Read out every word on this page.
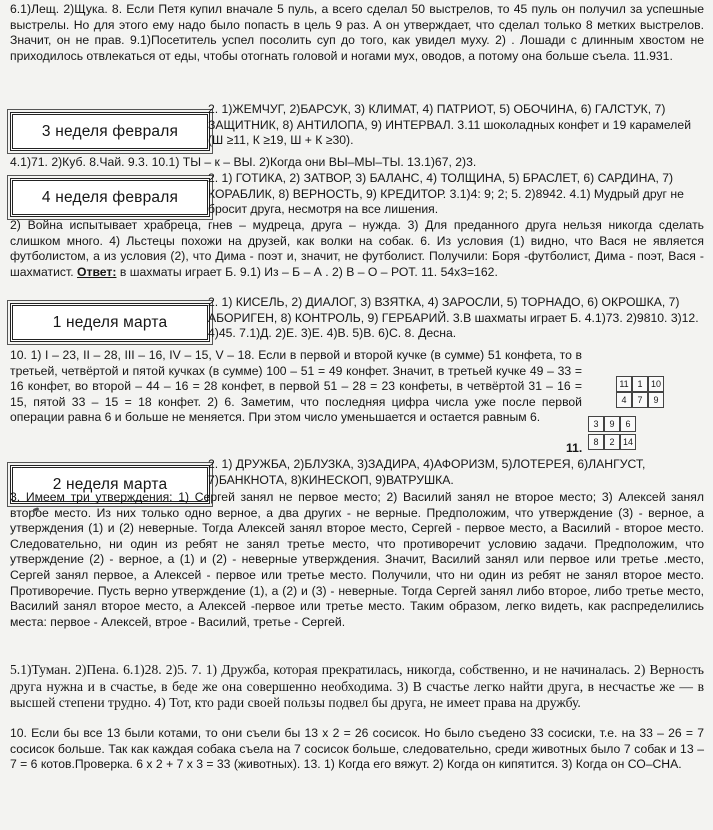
6.1)Лещ. 2)Щука. 8. Если Петя купил вначале 5 пуль, а всего сделал 50 выстрелов, то 45 пуль он получил за успешные выстрелы. Но для этого ему надо было попасть в цель 9 раз. А он утверждает, что сделал только 8 метких выстрелов. Значит, он не прав. 9.1)Посетитель успел посолить суп до того, как увидел муху. 2) . Лошади с длинным хвостом не приходилось отвлекаться от еды, чтобы отогнать головой и ногами мух, оводов, а потому она больше съела. 11.931.

3 неделя февраля

2. 1)ЖЕМЧУГ, 2)БАРСУК, 3) КЛИМАТ, 4) ПАТРИОТ, 5) ОБОЧИНА, 6) ГАЛСТУК, 7) ЗАЩИТНИК, 8) АНТИЛОПА, 9) ИНТЕРВАЛ. 3.11 шоколадных конфет и 19 карамелей (Ш ≥11, К ≥19, Ш + К ≥30).

4.1)71. 2)Куб. 8.Чай. 9.3. 10.1) ТЫ – к – ВЫ. 2)Когда они ВЫ–МЫ–ТЫ. 13.1)67, 2)3.

4 неделя февраля

2. 1) ГОТИКА, 2) ЗАТВОР, 3) БАЛАНС, 4) ТОЛЩИНА, 5) БРАСЛЕТ, 6) САРДИНА, 7) КОРАБЛИК, 8) ВЕРНОСТЬ, 9) КРЕДИТОР. 3.1)4: 9; 2; 5. 2)8942. 4.1) Мудрый друг не бросит друга, несмотря на все лишения.

2) Война испытывает храбреца, гнев – мудреца, друга – нужда. 3) Для преданного друга нельзя никогда сделать слишком много. 4) Льстецы похожи на друзей, как волки на собак. 6. Из условия (1) видно, что Вася не является футболистом, а из условия (2), что Дима - поэт и, значит, не футболист. Получили: Боря -футболист, Дима - поэт, Вася - шахматист. Ответ: в шахматы играет Б. 9.1) Из – Б – А . 2) В – О – РОТ. 11. 54х3=162.

1 неделя марта

2. 1) КИСЕЛЬ, 2) ДИАЛОГ, 3) ВЗЯТКА, 4) ЗАРОСЛИ, 5) ТОРНАДО, 6) ОКРОШКА, 7) АБОРИГЕН, 8) КОНТРОЛЬ, 9) ГЕРБАРИЙ. 3.В шахматы играет Б. 4.1)73. 2)9810. 3)12. 4)45. 7.1)Д. 2)Е. 3)Е. 4)В. 5)В. 6)С. 8. Десна.

10. 1) I – 23, II – 28, III – 16, IV – 15, V – 18. Если в первой и второй кучке (в сумме) 51 конфета, то в третьей, четвёртой и пятой кучках (в сумме) 100 – 51 = 49 конфет. Значит, в третьей кучке 49 – 33 = 16 конфет, во второй – 44 – 16 = 28 конфет, в первой 51 – 28 = 23 конфеты, в четвёртой 31 – 16 = 15, пятой 33 – 15 = 18 конфет. 2) 6. Заметим, что последняя цифра числа уже после первой операции равна 6 и больше не меняется. При этом число уменьшается и остается равным 6.

11.
11 1 10
4	7	9
3	9	6
8	2 14
2 неделя марта

2. 1) ДРУЖБА, 2)БЛУЗКА, 3)ЗАДИРА, 4)АФОРИЗМ, 5)ЛОТЕРЕЯ, 6)ЛАНГУСТ, 7)БАНКНОТА, 8)КИНЕСКОП, 9)ВАТРУШКА.

3. Имеем три утверждения: 1) Сергей занял не первое место; 2) Василий занял не второе место; 3) Алексей занял второе место. Из них только одно верное, а два других - не верные. Предположим, что утверждение (3) - верное, а утверждения (1) и (2) неверные. Тогда Алексей занял второе место, Сергей - первое место, а Василий - второе место. Следовательно, ни один из ребят не занял третье место, что противоречит условию задачи. Предположим, что утверждение (2) - верное, а (1) и (2) - неверные утверждения. Значит, Василий занял или первое или третье .место, Сергей занял первое, а Алексей - первое или третье место. Получили, что ни один из ребят не занял второе место. Противоречие. Пусть верно утверждение (1), а (2) и (3) - неверные. Тогда Сергей занял либо второе, либо третье место, Василий занял второе место, а Алексей -первое или третье место. Таким образом, легко видеть, как распределились места: первое - Алексей, втрое - Василий, третье - Сергей.

5.1)Туман. 2)Пена. 6.1)28. 2)5. 7. 1) Дружба, которая прекратилась, никогда, собственно, и не начиналась. 2) Верность друга нужна и в счастье, в беде же она совершенно необходима. 3) В счастье легко найти друга, в несчастье же — в высшей степени трудно. 4) Тот, кто ради своей пользы подвел бы друга, не имеет права на дружбу.

10. Если бы все 13 были котами, то они съели бы 13 х 2 = 26 сосисок. Но было съедено 33 сосиски, т.е. на 33 – 26 = 7 сосисок больше. Так как каждая собака съела на 7 сосисок больше, следовательно, среди животных было 7 собак и 13 – 7 = 6 котов.Проверка. 6 х 2 + 7 х 3 = 33 (животных). 13. 1) Когда его вяжут. 2) Когда он кипятится. 3) Когда он СО–СНА.
